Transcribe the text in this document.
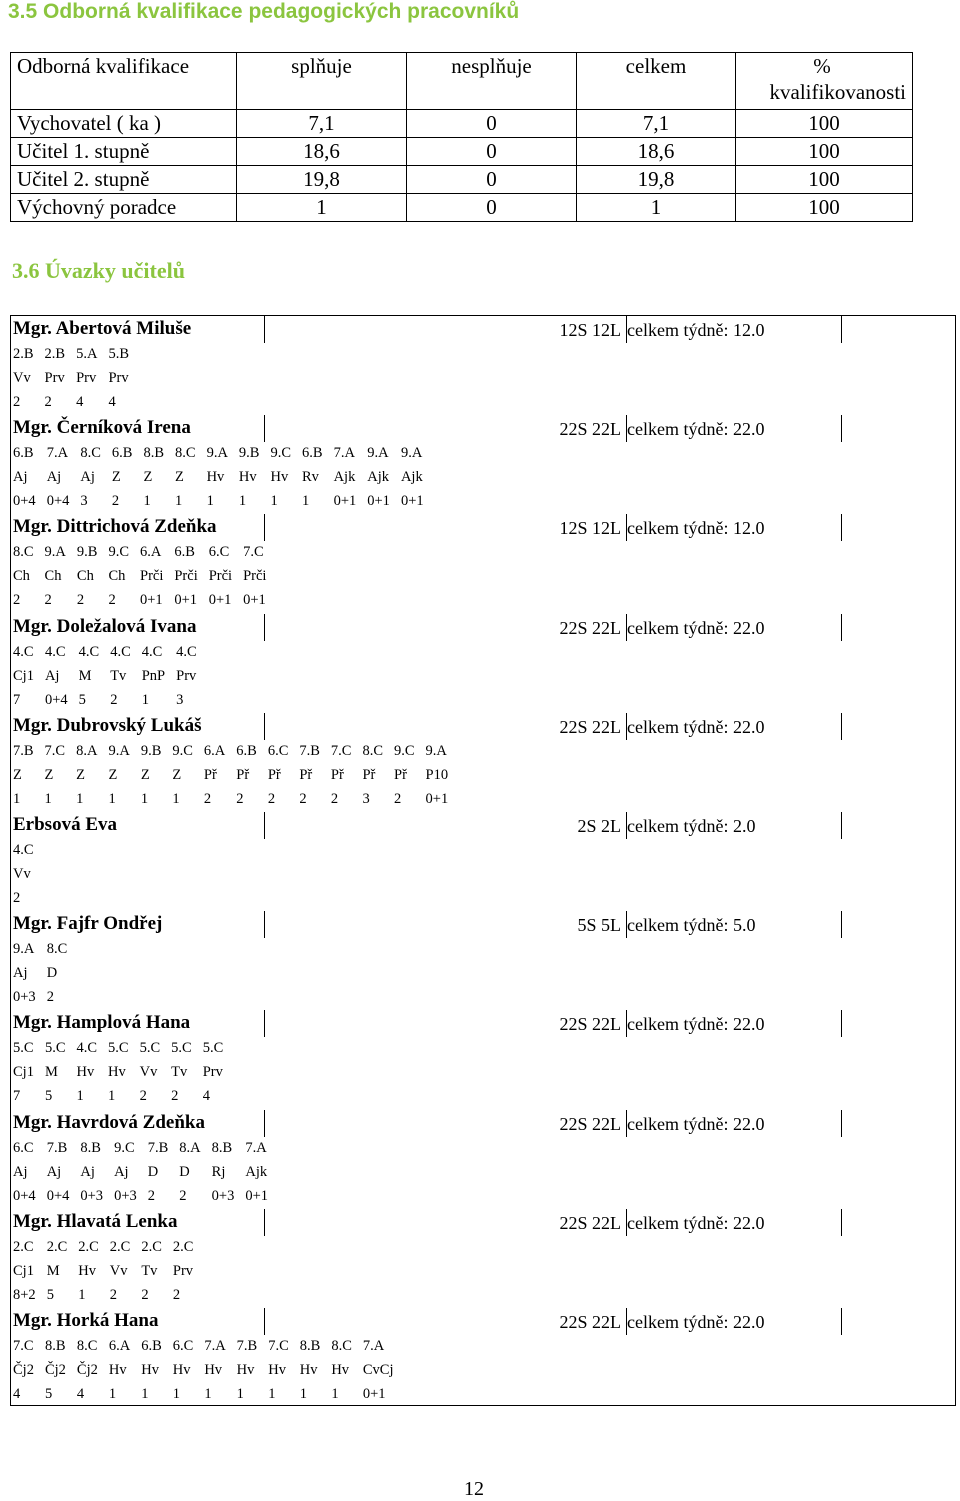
3.5 Odborná kvalifikace pedagogických pracovníků
Odborná kvalifikace	splňuje	nesplňuje	celkem	%
kvalifikovanosti

Vychovatel ( ka )	7,1	0	7,1	100
Učitel 1. stupně	18,6	0	18,6	100
Učitel 2. stupně	19,8	0	19,8	100
Výchovný poradce	1	0	1	100
3.6 Úvazky učitelů
Mgr. Abertová Miluše	12S 12L celkem týdně: 12.0
2.B 2.B 5.A 5.B
Vv Prv Prv Prv
2 2 4 4
Mgr. Černíková Irena	22S 22L celkem týdně: 22.0
6.B 7.A 8.C 6.B 8.B 8.C 9.A 9.B 9.C 6.B 7.A 9.A 9.A
Aj Aj Aj Z Z Z Hv Hv Hv Rv Ajk Ajk Ajk
0+4 0+4 3 2 1 1 1 1 1 1 0+1 0+1 0+1
Mgr. Dittrichová Zdeňka	12S 12L celkem týdně: 12.0
8.C 9.A 9.B 9.C 6.A 6.B 6.C 7.C
Ch Ch Ch Ch Prči Prči Prči Prči
2 2 2 2 0+1 0+1 0+1 0+1
Mgr. Doležalová Ivana	22S 22L celkem týdně: 22.0
4.C 4.C 4.C 4.C 4.C 4.C
Cj1 Aj M Tv PnP Prv
7 0+4 5 2 1 3
Mgr. Dubrovský Lukáš	22S 22L celkem týdně: 22.0
7.B 7.C 8.A 9.A 9.B 9.C 6.A 6.B 6.C 7.B 7.C 8.C 9.C 9.A
Z Z Z Z Z Z Př Př Př Př Př Př Př P10
1 1 1 1 1 1 2 2 2 2 2 3 2 0+1
Erbsová Eva	2S 2L celkem týdně: 2.0
4.C
Vv
2
Mgr. Fajfr Ondřej	5S 5L celkem týdně: 5.0
9.A 8.C
Aj D
0+3 2
Mgr. Hamplová Hana	22S 22L celkem týdně: 22.0
5.C 5.C 4.C 5.C 5.C 5.C 5.C
Cj1 M Hv Hv Vv Tv Prv
7 5 1 1 2 2 4
Mgr. Havrdová Zdeňka	22S 22L celkem týdně: 22.0
6.C 7.B 8.B 9.C 7.B 8.A 8.B 7.A
Aj Aj Aj Aj D D Rj Ajk
0+4 0+4 0+3 0+3 2 2 0+3 0+1
Mgr. Hlavatá Lenka	22S 22L celkem týdně: 22.0
2.C 2.C 2.C 2.C 2.C 2.C
Cj1 M Hv Vv Tv Prv
8+2 5 1 2 2 2
Mgr. Horká Hana	22S 22L celkem týdně: 22.0
7.C 8.B 8.C 6.A 6.B 6.C 7.A 7.B 7.C 8.B 8.C 7.A
Čj2 Čj2 Čj2 Hv Hv Hv Hv Hv Hv Hv Hv CvCj
4 5 4 1 1 1 1 1 1 1 1 0+1
12
